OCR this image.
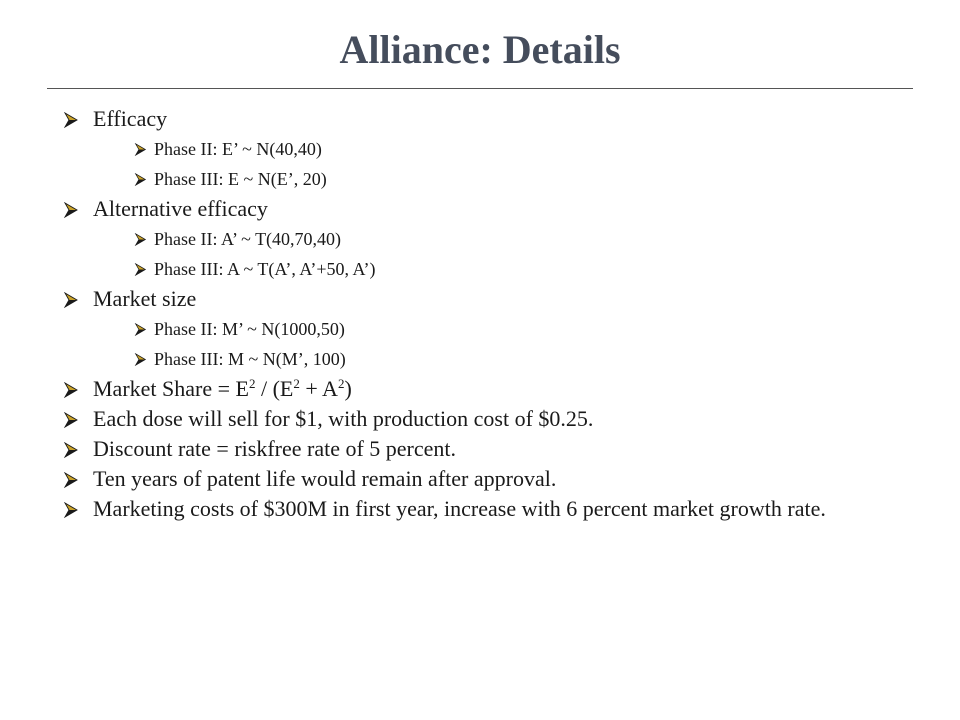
Alliance: Details
Efficacy
Phase II: E’ ~ N(40,40)
Phase III: E ~ N(E’, 20)
Alternative efficacy
Phase II: A’ ~ T(40,70,40)
Phase III: A ~ T(A’, A’+50, A’)
Market size
Phase II: M’ ~ N(1000,50)
Phase III: M ~ N(M’, 100)
Market Share = $E^2 / (E^2 + A^2)$
Each dose will sell for $1, with production cost of $0.25.
Discount rate = riskfree rate of 5 percent.
Ten years of patent life would remain after approval.
Marketing costs of $300M in first year, increase with 6 percent market growth rate.
